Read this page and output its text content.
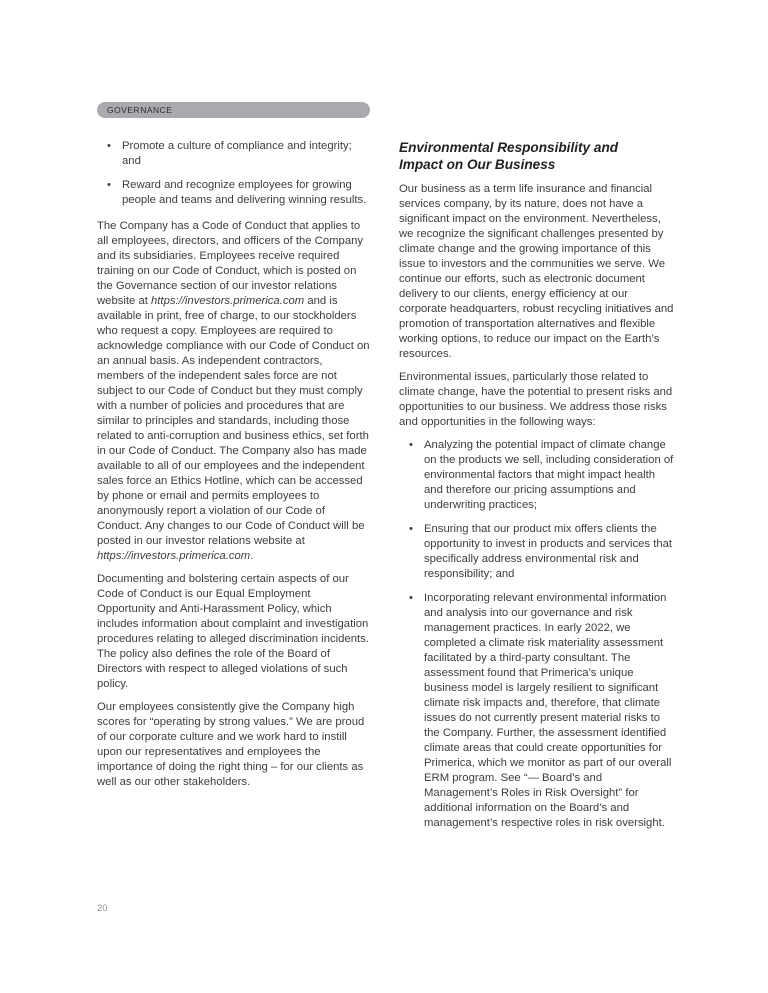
GOVERNANCE
• Promote a culture of compliance and integrity; and

• Reward and recognize employees for growing people and teams and delivering winning results.

The Company has a Code of Conduct that applies to all employees, directors, and officers of the Company and its subsidiaries. Employees receive required training on our Code of Conduct, which is posted on the Governance section of our investor relations website at https://investors.primerica.com and is available in print, free of charge, to our stockholders who request a copy. Employees are required to acknowledge compliance with our Code of Conduct on an annual basis. As independent contractors, members of the independent sales force are not subject to our Code of Conduct but they must comply with a number of policies and procedures that are similar to principles and standards, including those related to anti-corruption and business ethics, set forth in our Code of Conduct. The Company also has made available to all of our employees and the independent sales force an Ethics Hotline, which can be accessed by phone or email and permits employees to anonymously report a violation of our Code of Conduct. Any changes to our Code of Conduct will be posted in our investor relations website at https://investors.primerica.com.

Documenting and bolstering certain aspects of our Code of Conduct is our Equal Employment Opportunity and Anti-Harassment Policy, which includes information about complaint and investigation procedures relating to alleged discrimination incidents. The policy also defines the role of the Board of Directors with respect to alleged violations of such policy.

Our employees consistently give the Company high scores for “operating by strong values.” We are proud of our corporate culture and we work hard to instill upon our representatives and employees the importance of doing the right thing – for our clients as well as our other stakeholders.

Environmental Responsibility and Impact on Our Business

Our business as a term life insurance and financial services company, by its nature, does not have a significant impact on the environment. Nevertheless, we recognize the significant challenges presented by climate change and the growing importance of this issue to investors and the communities we serve. We continue our efforts, such as electronic document delivery to our clients, energy efficiency at our corporate headquarters, robust recycling initiatives and promotion of transportation alternatives and flexible working options, to reduce our impact on the Earth’s resources.

Environmental issues, particularly those related to climate change, have the potential to present risks and opportunities to our business. We address those risks and opportunities in the following ways:

• Analyzing the potential impact of climate change on the products we sell, including consideration of environmental factors that might impact health and therefore our pricing assumptions and underwriting practices;

• Ensuring that our product mix offers clients the opportunity to invest in products and services that specifically address environmental risk and responsibility; and

• Incorporating relevant environmental information and analysis into our governance and risk management practices. In early 2022, we completed a climate risk materiality assessment facilitated by a third-party consultant. The assessment found that Primerica’s unique business model is largely resilient to significant climate risk impacts and, therefore, that climate issues do not currently present material risks to the Company. Further, the assessment identified climate areas that could create opportunities for Primerica, which we monitor as part of our overall ERM program. See “— Board’s and Management’s Roles in Risk Oversight” for additional information on the Board’s and management’s respective roles in risk oversight.

20
